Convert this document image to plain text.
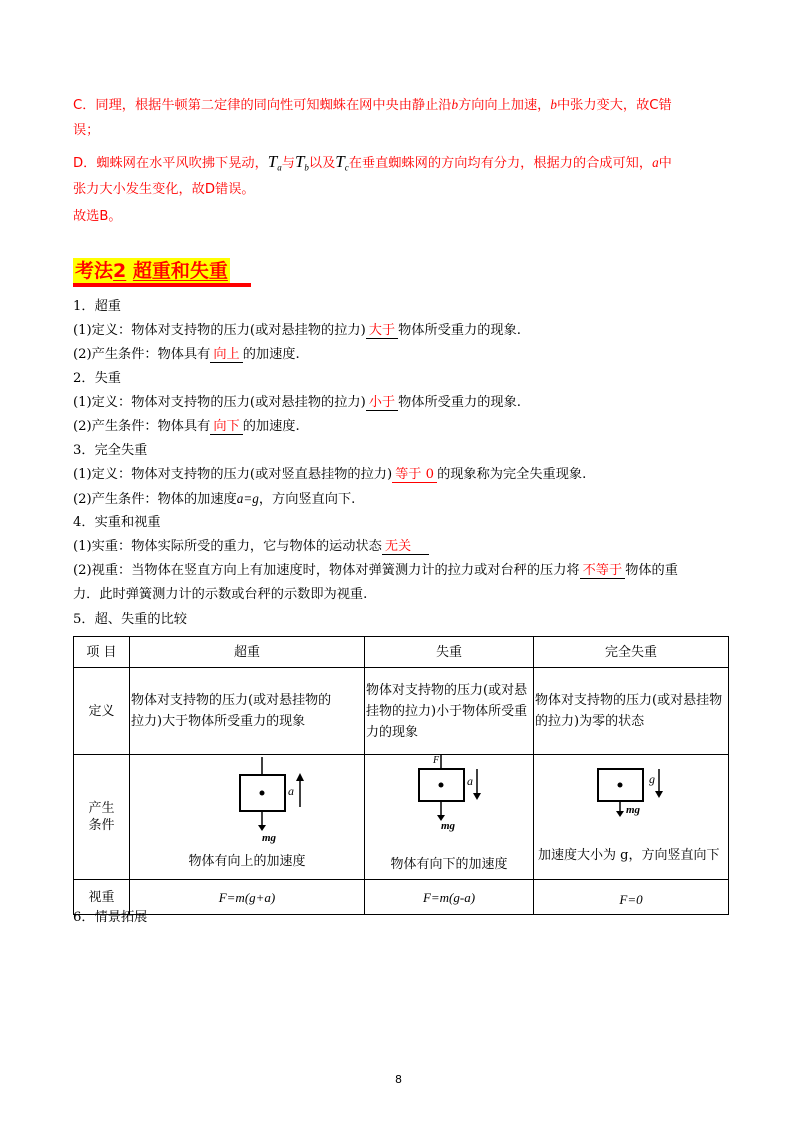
C．同理，根据牛顿第二定律的同向性可知蜘蛛在网中央由静止沿b方向向上加速，b中张力变大，故C错
误；
D．蜘蛛网在水平风吹拂下晃动，$T_a$与$T_b$以及$T_c$在垂直蜘蛛网的方向均有分力，根据力的合成可知，a中
张力大小发生变化，故D错误。
故选B。
考法2 超重和失重
1．超重
(1)定义：物体对支持物的压力(或对悬挂物的拉力) 大于 物体所受重力的现象.
(2)产生条件：物体具有 向上 的加速度.
2．失重
(1)定义：物体对支持物的压力(或对悬挂物的拉力) 小于 物体所受重力的现象.
(2)产生条件：物体具有 向下 的加速度.
3．完全失重
(1)定义：物体对支持物的压力(或对竖直悬挂物的拉力) 等于 0 的现象称为完全失重现象.
(2)产生条件：物体的加速度a=g，方向竖直向下.
4．实重和视重
(1)实重：物体实际所受的重力，它与物体的运动状态 无关
(2)视重：当物体在竖直方向上有加速度时，物体对弹簧测力计的拉力或对台秤的压力将 不等于 物体的重
力．此时弹簧测力计的示数或台秤的示数即为视重.
5．超、失重的比较
项 目	超重	失重	完全失重
定义	物体对支持物的压力(或对悬挂物的拉力)大于物体所受重力的现象	物体对支持物的压力(或对悬挂物的拉力)小于物体所受重力的现象	物体对支持物的压力(或对悬挂物的拉力)为零的状态

产生条件	a
mg
物体有向上的加速度	F
a
mg
物体有向下的加速度	g
mg
加速度大小为 g，方向竖直向下

视重	F=m(g+a)	F=m(g-a)	F=0
6．情景拓展
8
